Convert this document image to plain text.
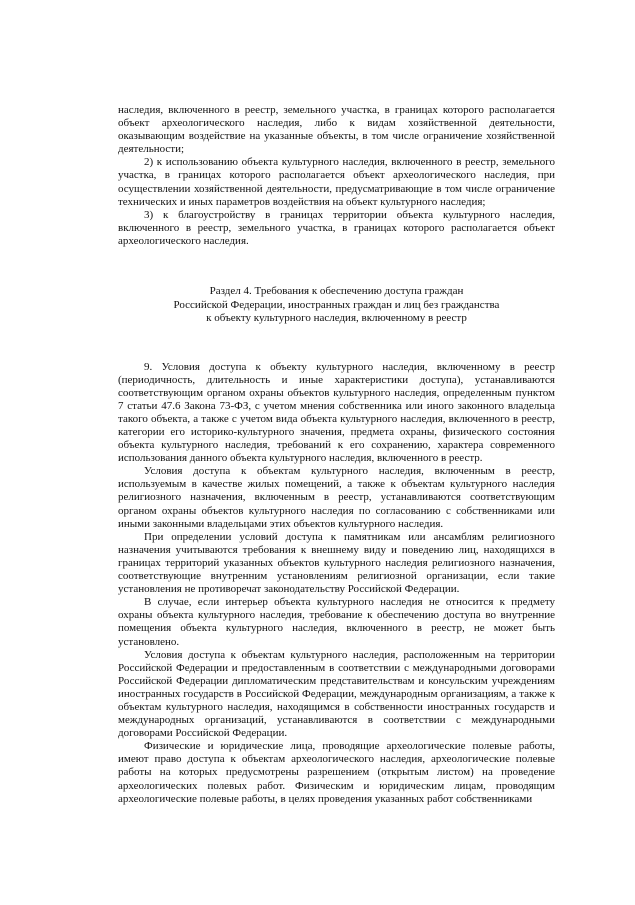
наследия, включенного в реестр, земельного участка, в границах которого располагается объект археологического наследия, либо к видам хозяйственной деятельности, оказывающим воздействие на указанные объекты, в том числе ограничение хозяйственной деятельности;

2) к использованию объекта культурного наследия, включенного в реестр, земельного участка, в границах которого располагается объект археологического наследия, при осуществлении хозяйственной деятельности, предусматривающие в том числе ограничение технических и иных параметров воздействия на объект культурного наследия;

3) к благоустройству в границах территории объекта культурного наследия, включенного в реестр, земельного участка, в границах которого располагается объект археологического наследия.

Раздел 4. Требования к обеспечению доступа граждан
Российской Федерации, иностранных граждан и лиц без гражданства
к объекту культурного наследия, включенному в реестр

9. Условия доступа к объекту культурного наследия, включенному в реестр (периодичность, длительность и иные характеристики доступа), устанавливаются соответствующим органом охраны объектов культурного наследия, определенным пунктом 7 статьи 47.6 Закона 73-ФЗ, с учетом мнения собственника или иного законного владельца такого объекта, а также с учетом вида объекта культурного наследия, включенного в реестр, категории его историко-культурного значения, предмета охраны, физического состояния объекта культурного наследия, требований к его сохранению, характера современного использования данного объекта культурного наследия, включенного в реестр.

Условия доступа к объектам культурного наследия, включенным в реестр, используемым в качестве жилых помещений, а также к объектам культурного наследия религиозного назначения, включенным в реестр, устанавливаются соответствующим органом охраны объектов культурного наследия по согласованию с собственниками или иными законными владельцами этих объектов культурного наследия.

При определении условий доступа к памятникам или ансамблям религиозного назначения учитываются требования к внешнему виду и поведению лиц, находящихся в границах территорий указанных объектов культурного наследия религиозного назначения, соответствующие внутренним установлениям религиозной организации, если такие установления не противоречат законодательству Российской Федерации.

В случае, если интерьер объекта культурного наследия не относится к предмету охраны объекта культурного наследия, требование к обеспечению доступа во внутренние помещения объекта культурного наследия, включенного в реестр, не может быть установлено.

Условия доступа к объектам культурного наследия, расположенным на территории Российской Федерации и предоставленным в соответствии с международными договорами Российской Федерации дипломатическим представительствам и консульским учреждениям иностранных государств в Российской Федерации, международным организациям, а также к объектам культурного наследия, находящимся в собственности иностранных государств и международных организаций, устанавливаются в соответствии с международными договорами Российской Федерации.

Физические и юридические лица, проводящие археологические полевые работы, имеют право доступа к объектам археологического наследия, археологические полевые работы на которых предусмотрены разрешением (открытым листом) на проведение археологических полевых работ. Физическим и юридическим лицам, проводящим археологические полевые работы, в целях проведения указанных работ собственниками
